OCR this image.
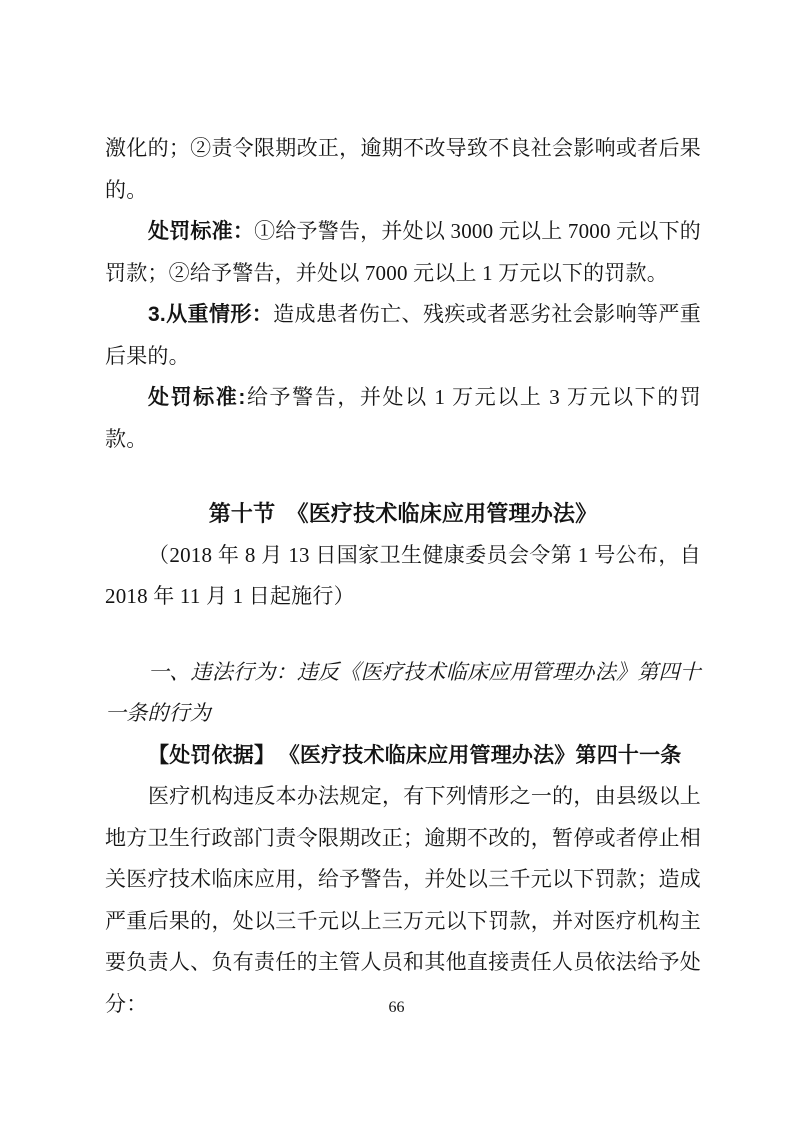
激化的；②责令限期改正，逾期不改导致不良社会影响或者后果的。

处罚标准：①给予警告，并处以 3000 元以上 7000 元以下的罚款；②给予警告，并处以 7000 元以上 1 万元以下的罚款。

3.从重情形：造成患者伤亡、残疾或者恶劣社会影响等严重后果的。

处罚标准:给予警告，并处以 1 万元以上 3 万元以下的罚款。

第十节　《医疗技术临床应用管理办法》

（2018 年 8 月 13 日国家卫生健康委员会令第 1 号公布，自 2018 年 11 月 1 日起施行）

一、违法行为：违反《医疗技术临床应用管理办法》第四十一条的行为

【处罚依据】 《医疗技术临床应用管理办法》第四十一条

医疗机构违反本办法规定，有下列情形之一的，由县级以上地方卫生行政部门责令限期改正；逾期不改的，暂停或者停止相关医疗技术临床应用，给予警告，并处以三千元以下罚款；造成严重后果的，处以三千元以上三万元以下罚款，并对医疗机构主要负责人、负有责任的主管人员和其他直接责任人员依法给予处分：	66
